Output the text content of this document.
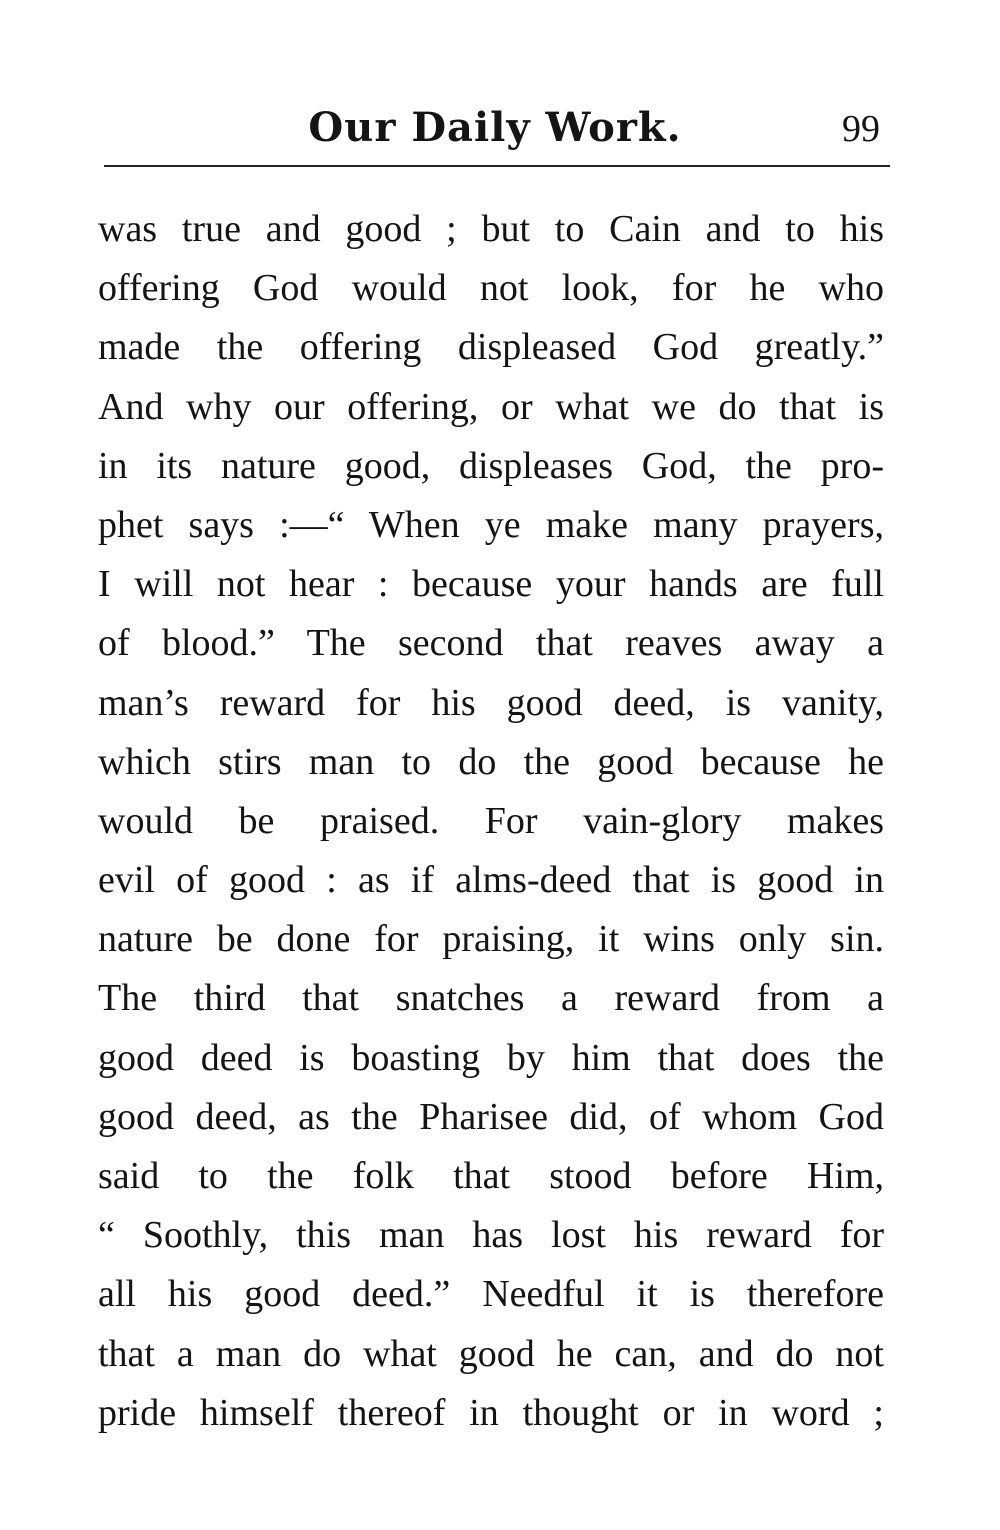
Our Daily Work.	99
was true and good ; but to Cain and to his
offering God would not look, for he who
made the offering displeased God greatly.”
And why our offering, or what we do that is
in its nature good, displeases God, the pro-
phet says :—“ When ye make many prayers,
I will not hear : because your hands are full
of blood.” The second that reaves away a
man’s reward for his good deed, is vanity,
which stirs man to do the good because he
would be praised. For vain-glory makes
evil of good : as if alms-deed that is good in
nature be done for praising, it wins only sin.
The third that snatches a reward from a
good deed is boasting by him that does the
good deed, as the Pharisee did, of whom God
said to the folk that stood before Him,
“ Soothly, this man has lost his reward for
all his good deed.” Needful it is therefore
that a man do what good he can, and do not
pride himself thereof in thought or in word ;
